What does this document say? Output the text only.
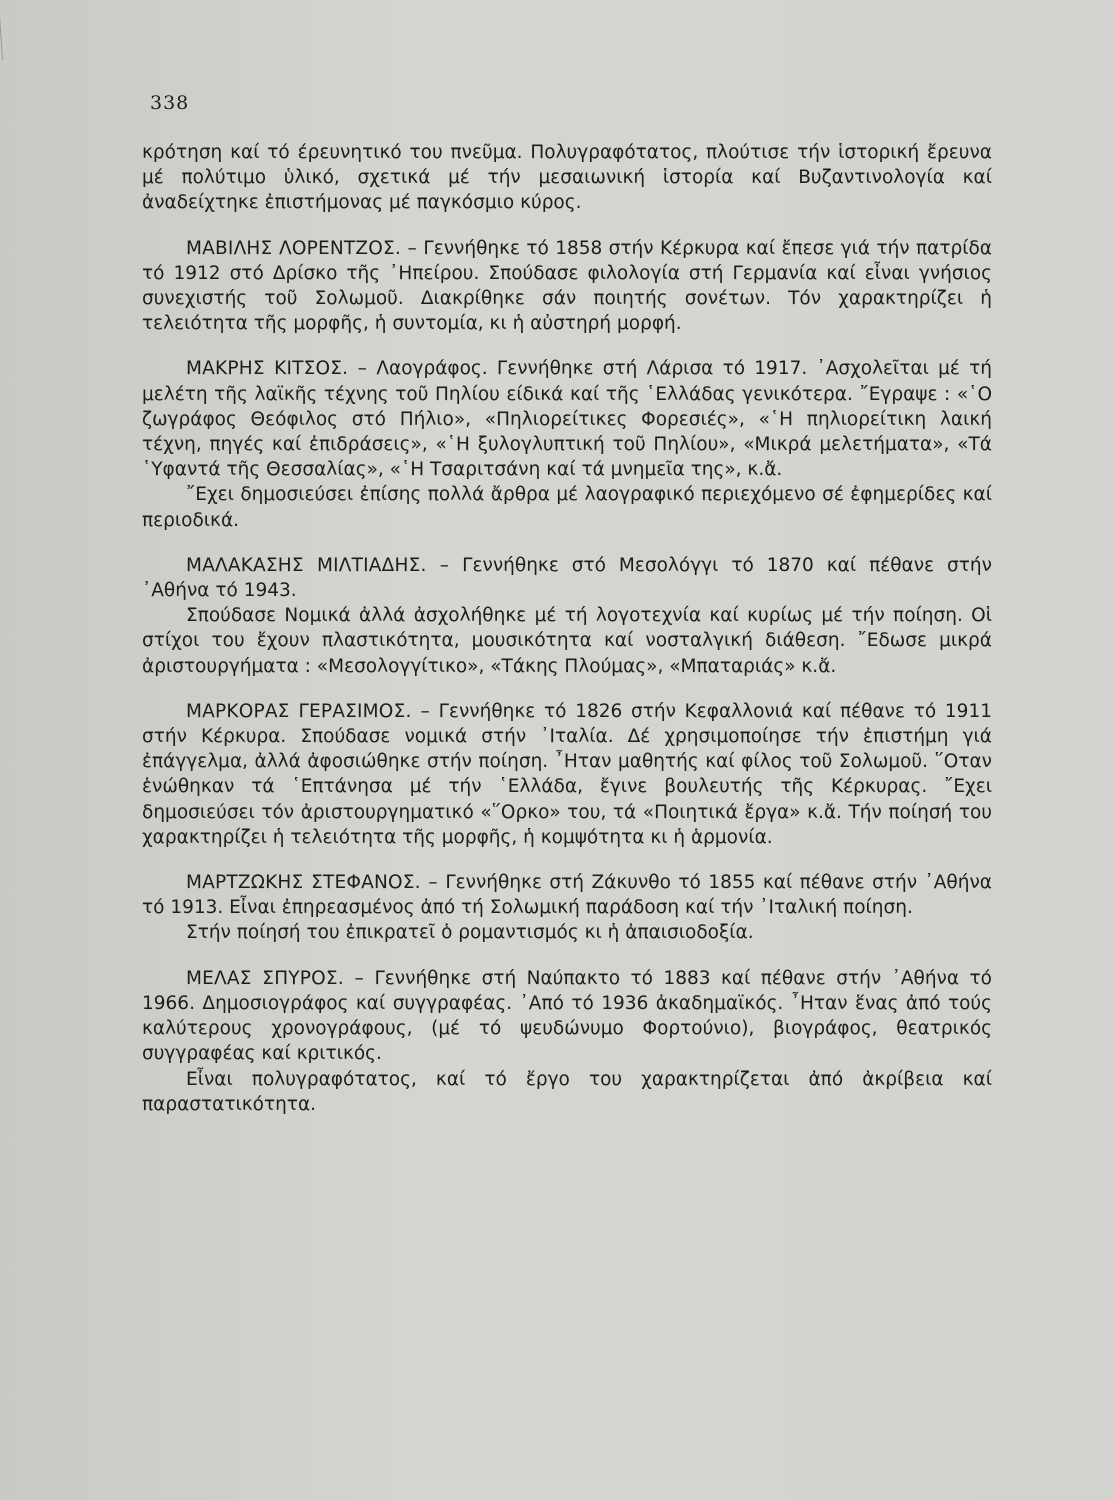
338

κρότηση καί τό έρευνητικό του πνεῦμα. Πολυγραφότατος, πλούτισε τήν ἱστορική ἔρευνα μέ πολύτιμο ὑλικό, σχετικά μέ τήν μεσαιωνική ἱστορία καί Βυζαντινολογία καί ἀναδείχτηκε ἐπιστήμονας μέ παγκόσμιο κύρος.

ΜΑΒΙΛΗΣ ΛΟΡΕΝΤΖΟΣ. – Γεννήθηκε τό 1858 στήν Κέρκυρα καί ἔπεσε γιά τήν πατρίδα τό 1912 στό Δρίσκο τῆς ᾿Ηπείρου. Σπούδασε φιλολογία στή Γερμανία καί εἶναι γνήσιος συνεχιστής τοῦ Σολωμοῦ. Διακρίθηκε σάν ποιητής σονέτων. Τόν χαρακτηρίζει ἡ τελειότητα τῆς μορφῆς, ἡ συντομία, κι ἡ αὐστηρή μορφή.

ΜΑΚΡΗΣ ΚΙΤΣΟΣ. – Λαογράφος. Γεννήθηκε στή Λάρισα τό 1917. ᾿Ασχολεῖται μέ τή μελέτη τῆς λαϊκῆς τέχνης τοῦ Πηλίου είδικά καί τῆς ῾Ελλάδας γενικότερα. ῎Εγραψε : «῾Ο ζωγράφος Θεόφιλος στό Πήλιο», «Πηλιορείτικες Φορεσιές», «῾Η πηλιορείτικη λαική τέχνη, πηγές καί ἐπιδράσεις», «῾Η ξυλογλυπτική τοῦ Πηλίου», «Μικρά μελετήματα», «Τά ῾Υφαντά τῆς Θεσσαλίας», «῾Η Τσαριτσάνη καί τά μνημεῖα της», κ.ἄ.

῎Εχει δημοσιεύσει ἐπίσης πολλά ἄρθρα μέ λαογραφικό περιεχόμενο σέ ἐφημερίδες καί περιοδικά.

ΜΑΛΑΚΑΣΗΣ ΜΙΛΤΙΑΔΗΣ. – Γεννήθηκε στό Μεσολόγγι τό 1870 καί πέθανε στήν ᾿Αθήνα τό 1943.

Σπούδασε Νομικά ἀλλά ἀσχολήθηκε μέ τή λογοτεχνία καί κυρίως μέ τήν ποίηση. Οἱ στίχοι του ἔχουν πλαστικότητα, μουσικότητα καί νοσταλγική διάθεση. ῎Εδωσε μικρά ἀριστουργήματα : «Μεσολογγίτικο», «Τάκης Πλούμας», «Μπαταριάς» κ.ἄ.

ΜΑΡΚΟΡΑΣ ΓΕΡΑΣΙΜΟΣ. – Γεννήθηκε τό 1826 στήν Κεφαλλονιά καί πέθανε τό 1911 στήν Κέρκυρα. Σπούδασε νομικά στήν ᾿Ιταλία. Δέ χρησιμοποίησε τήν ἐπιστήμη γιά ἐπάγγελμα, ἀλλά ἀφοσιώθηκε στήν ποίηση. ῏Ηταν μαθητής καί φίλος τοῦ Σολωμοῦ. ῞Οταν ἑνώθηκαν τά ῾Επτάνησα μέ τήν ῾Ελλάδα, ἔγινε βουλευτής τῆς Κέρκυρας. ῎Εχει δημοσιεύσει τόν ἀριστουργηματικό «῞Ορκο» του, τά «Ποιητικά ἔργα» κ.ἄ. Τήν ποίησή του χαρακτηρίζει ἡ τελειότητα τῆς μορφῆς, ἡ κομψότητα κι ἡ ἁρμονία.

ΜΑΡΤΖΩΚΗΣ ΣΤΕΦΑΝΟΣ. – Γεννήθηκε στή Ζάκυνθο τό 1855 καί πέθανε στήν ᾿Αθήνα τό 1913. Εἶναι ἐπηρεασμένος ἀπό τή Σολωμική παράδοση καί τήν ᾿Ιταλική ποίηση.

Στήν ποίησή του ἐπικρατεῖ ὁ ρομαντισμός κι ἡ ἀπαισιοδοξία.

ΜΕΛΑΣ ΣΠΥΡΟΣ. – Γεννήθηκε στή Ναύπακτο τό 1883 καί πέθανε στήν ᾿Αθήνα τό 1966. Δημοσιογράφος καί συγγραφέας. ᾿Από τό 1936 ἀκαδημαϊκός. ῏Ηταν ἕνας ἀπό τούς καλύτερους χρονογράφους, (μέ τό ψευδώνυμο Φορτούνιο), βιογράφος, θεατρικός συγγραφέας καί κριτικός.

Εἶναι πολυγραφότατος, καί τό ἔργο του χαρακτηρίζεται ἀπό ἀκρίβεια καί παραστατικότητα.
